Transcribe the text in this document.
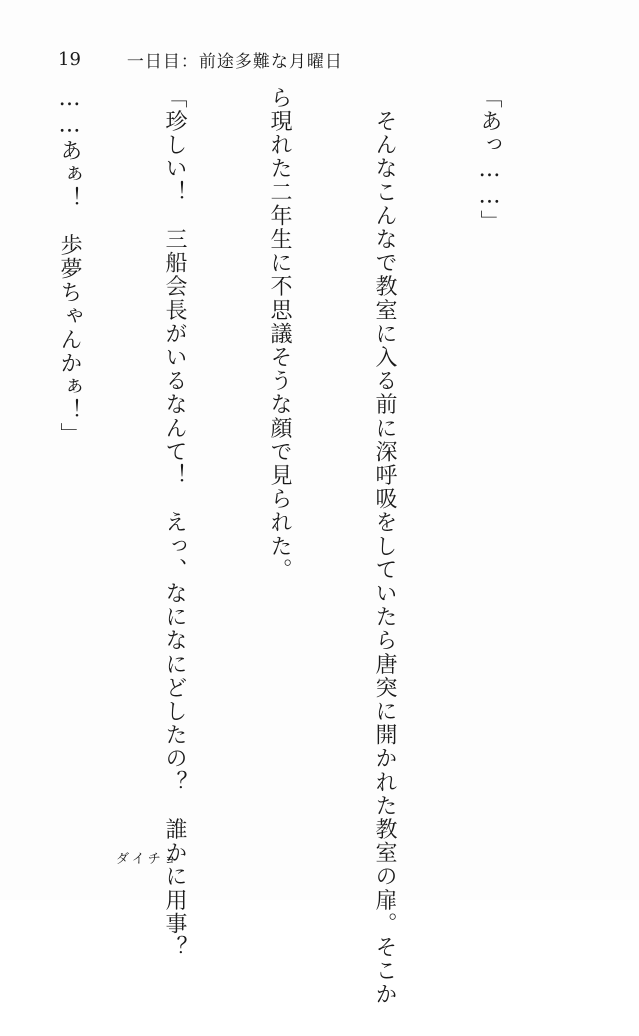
19	一日目：前途多難な月曜日

「あっ……」

　そんなこんなで教室に入る前に深呼吸をしていたら唐突に開かれた教室の扉。そこか

ら現れた二年生に不思議そうな顔で見られた。

「珍しい！　三船会長がいるなんて！　えっ、なになにどしたの？　誰かに用事？

……あぁ！　歩夢ちゃんかぁ！」

ダイチョ
